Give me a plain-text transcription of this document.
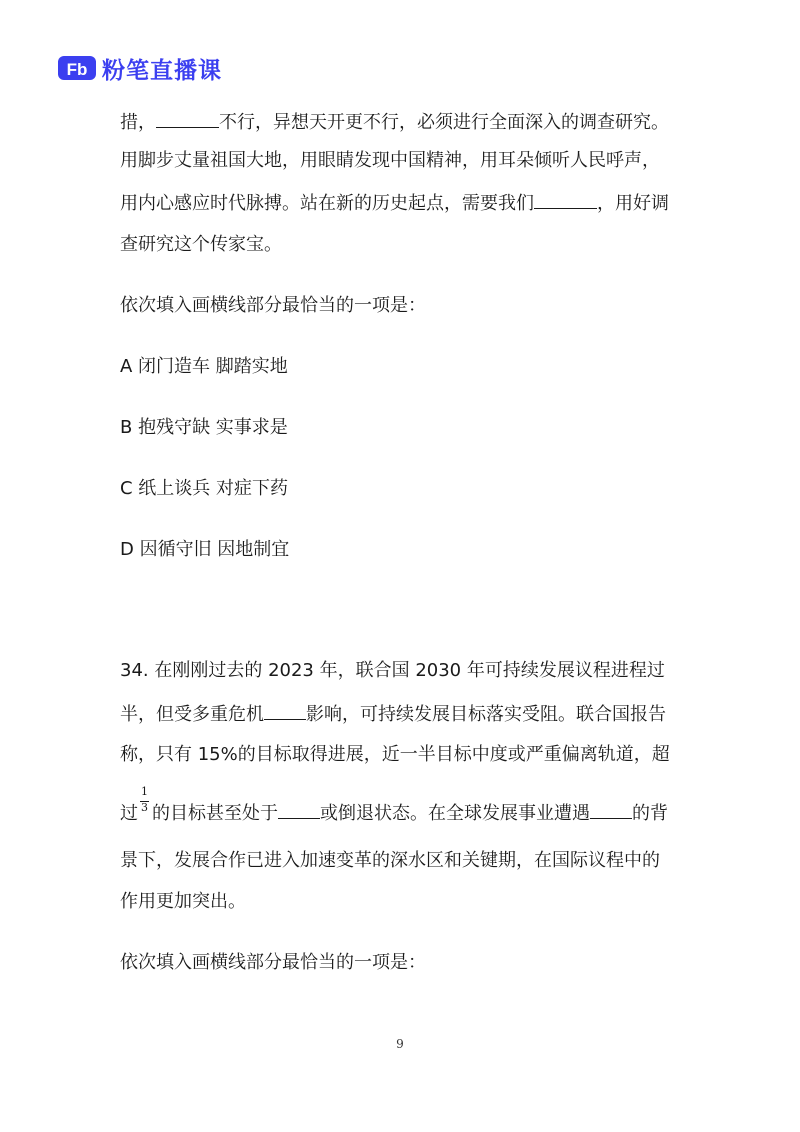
Fb 粉笔直播课
措，	不行，异想天开更不行，必须进行全面深入的调查研究。
用脚步丈量祖国大地，用眼睛发现中国精神，用耳朵倾听人民呼声，
用内心感应时代脉搏。站在新的历史起点，需要我们	，用好调
查研究这个传家宝。
依次填入画横线部分最恰当的一项是：
A 闭门造车 脚踏实地
B 抱残守缺 实事求是
C 纸上谈兵 对症下药
D 因循守旧 因地制宜
34. 在刚刚过去的 2023 年，联合国 2030 年可持续发展议程进程过
半，但受多重危机 影响，可持续发展目标落实受阻。联合国报告
称，只有 15%的目标取得进展，近一半目标中度或严重偏离轨道，超
过 $\frac{1}{3}$ 的目标甚至处于 或倒退状态。在全球发展事业遭遇 的背
景下，发展合作已进入加速变革的深水区和关键期，在国际议程中的
作用更加突出。
依次填入画横线部分最恰当的一项是：
9
